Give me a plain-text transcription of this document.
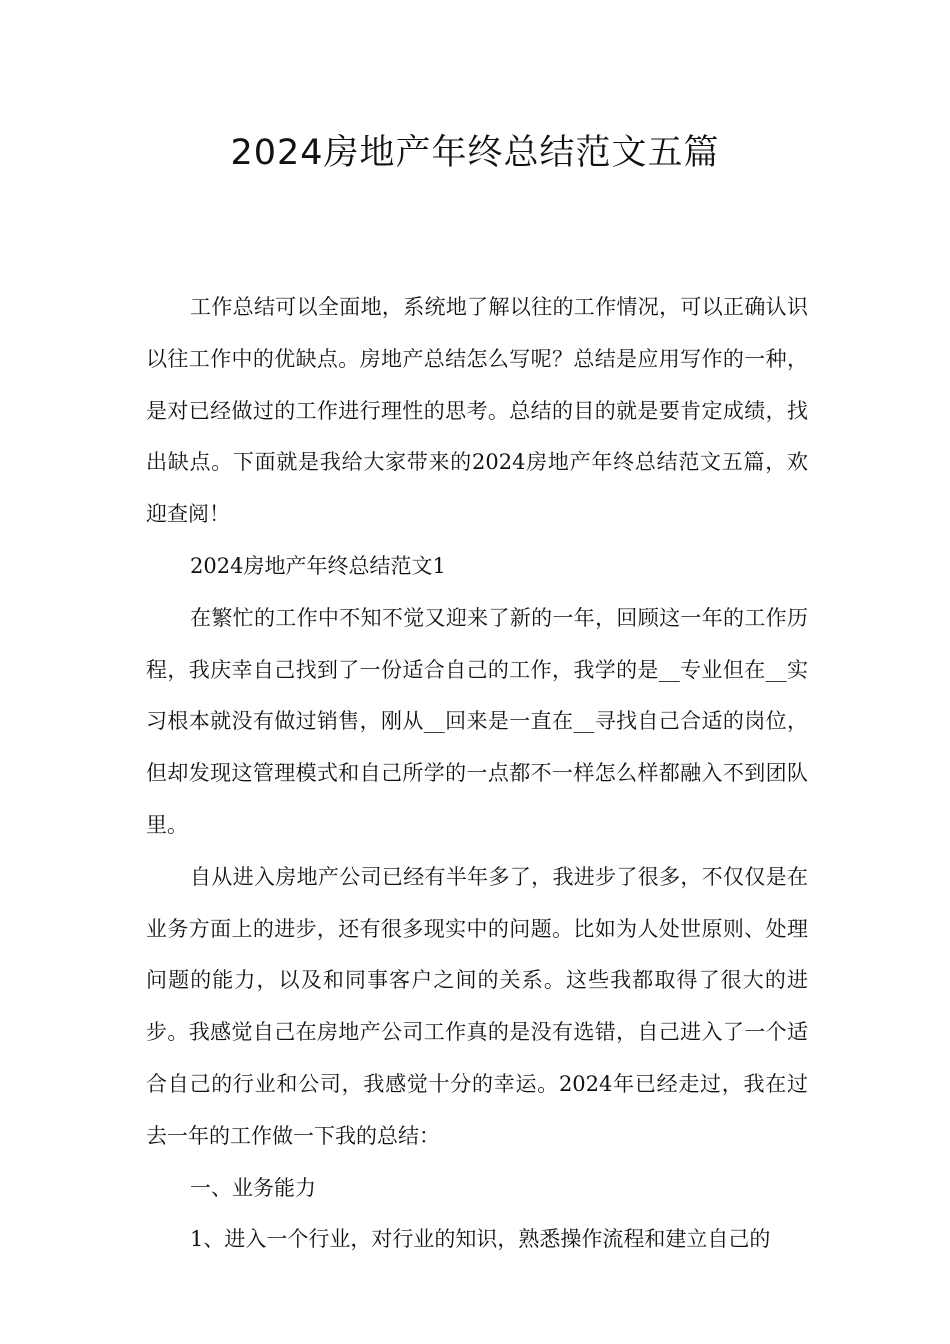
2024房地产年终总结范文五篇

工作总结可以全面地，系统地了解以往的工作情况，可以正确认识以往工作中的优缺点。房地产总结怎么写呢？总结是应用写作的一种，是对已经做过的工作进行理性的思考。总结的目的就是要肯定成绩，找出缺点。下面就是我给大家带来的2024房地产年终总结范文五篇，欢迎查阅！

2024房地产年终总结范文1

在繁忙的工作中不知不觉又迎来了新的一年，回顾这一年的工作历程，我庆幸自己找到了一份适合自己的工作，我学的是__专业但在__实习根本就没有做过销售，刚从__回来是一直在__寻找自己合适的岗位，但却发现这管理模式和自己所学的一点都不一样怎么样都融入不到团队里。

自从进入房地产公司已经有半年多了，我进步了很多，不仅仅是在业务方面上的进步，还有很多现实中的问题。比如为人处世原则、处理问题的能力，以及和同事客户之间的关系。这些我都取得了很大的进步。我感觉自己在房地产公司工作真的是没有选错，自己进入了一个适合自己的行业和公司，我感觉十分的幸运。2024年已经走过，我在过去一年的工作做一下我的总结：

一、业务能力

1、进入一个行业，对行业的知识，熟悉操作流程和建立自己的
